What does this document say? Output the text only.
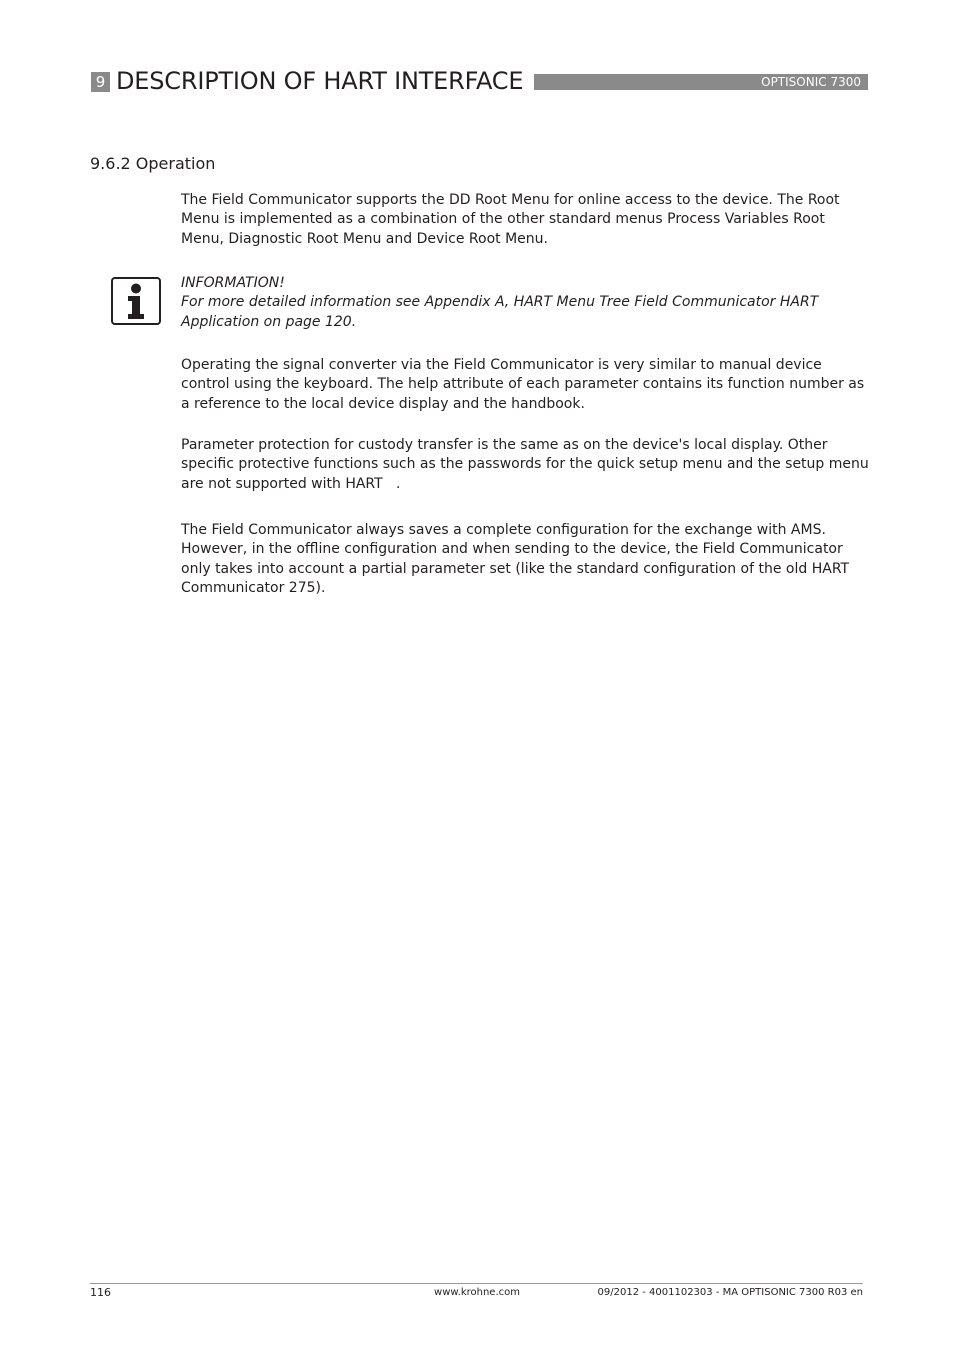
9 DESCRIPTION OF HART INTERFACE	OPTISONIC 7300
9.6.2 Operation

The Field Communicator supports the DD Root Menu for online access to the device. The Root Menu is implemented as a combination of the other standard menus Process Variables Root Menu, Diagnostic Root Menu and Device Root Menu.

INFORMATION!

For more detailed information see Appendix A, HART Menu Tree Field Communicator HART Application on page 120.

Operating the signal converter via the Field Communicator is very similar to manual device control using the keyboard. The help attribute of each parameter contains its function number as a reference to the local device display and the handbook.

Parameter protection for custody transfer is the same as on the device's local display. Other specific protective functions such as the passwords for the quick setup menu and the setup menu are not supported with HART   .

The Field Communicator always saves a complete configuration for the exchange with AMS. However, in the offline configuration and when sending to the device, the Field Communicator only takes into account a partial parameter set (like the standard configuration of the old HART Communicator 275).

116	www.krohne.com	09/2012 - 4001102303 - MA OPTISONIC 7300 R03 en
